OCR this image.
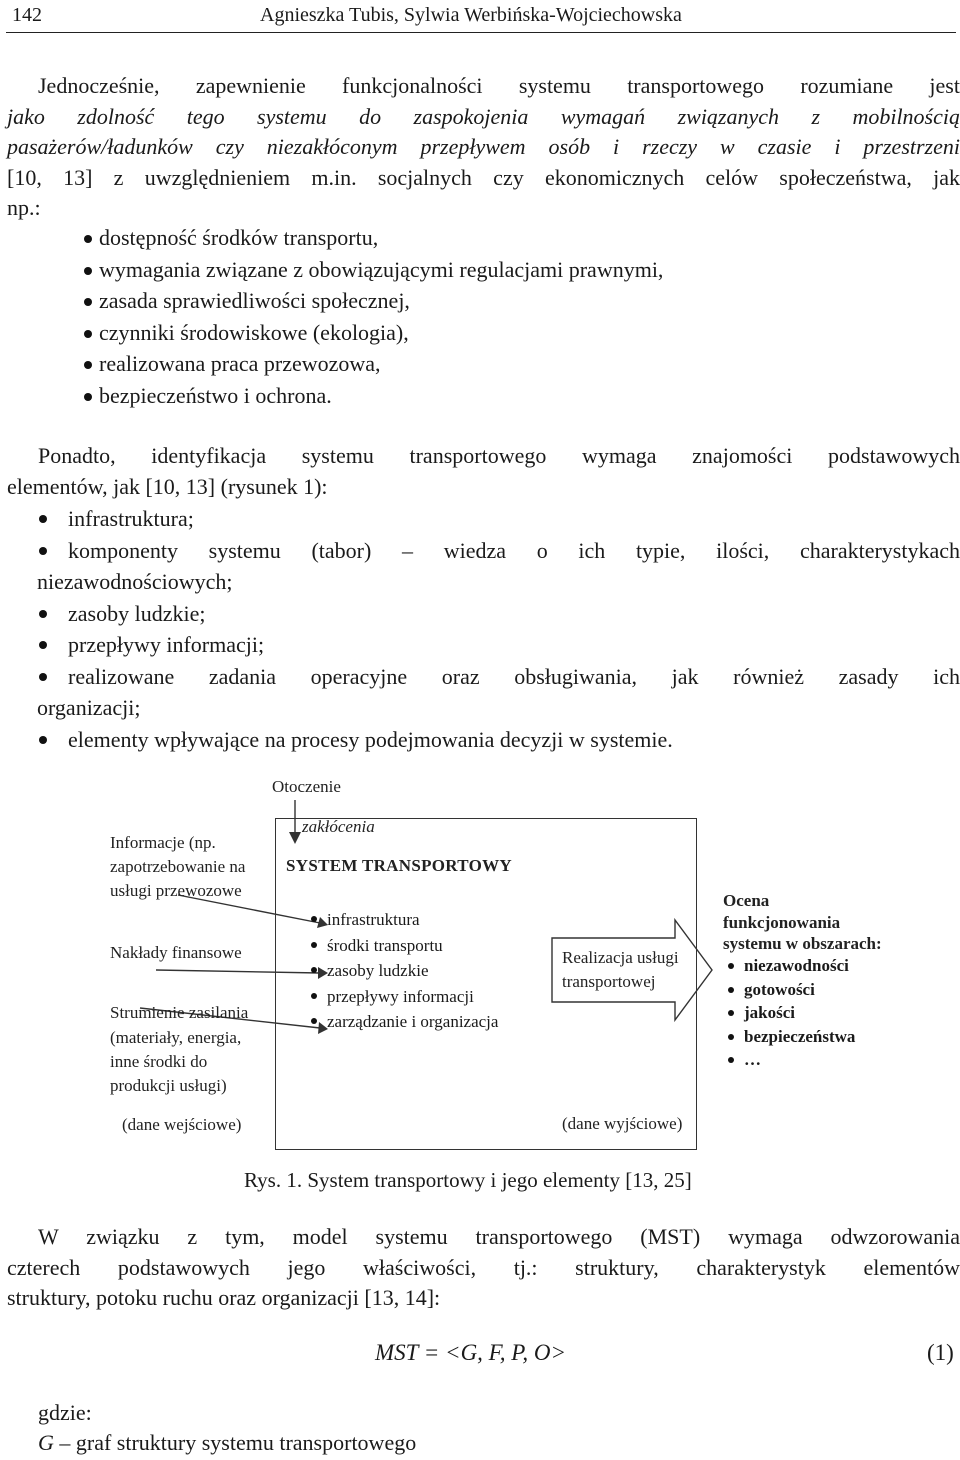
142	Agnieszka Tubis, Sylwia Werbińska-Wojciechowska
Jednocześnie, zapewnienie funkcjonalności systemu transportowego rozumiane jest
jako zdolność tego systemu do zaspokojenia wymagań związanych z mobilnością
pasażerów/ładunków czy niezakłóconym przepływem osób i rzeczy w czasie i przestrzeni
[10, 13] z uwzględnieniem m.in. socjalnych czy ekonomicznych celów społeczeństwa, jak
np.:
dostępność środków transportu,
wymagania związane z obowiązującymi regulacjami prawnymi,
zasada sprawiedliwości społecznej,
czynniki środowiskowe (ekologia),
realizowana praca przewozowa,
bezpieczeństwo i ochrona.
Ponadto, identyfikacja systemu transportowego wymaga znajomości podstawowych
elementów, jak [10, 13] (rysunek 1):
infrastruktura;
komponenty systemu (tabor) – wiedza o ich typie, ilości, charakterystykach
niezawodnościowych;
zasoby ludzkie;
przepływy informacji;
realizowane zadania operacyjne oraz obsługiwania, jak również zasady ich
organizacji;
elementy wpływające na procesy podejmowania decyzji w systemie.
Otoczenie
zakłócenia
Informacje (np.
zapotrzebowanie na
usługi przewozowe
Nakłady finansowe
Strumienie zasilania
(materiały, energia,
inne środki do
produkcji usługi)
(dane wejściowe)
SYSTEM TRANSPORTOWY
infrastruktura
środki transportu
zasoby ludzkie
przepływy informacji
zarządzanie i organizacja
Realizacja usługi
transportowej
Ocena
funkcjonowania
systemu w obszarach:
niezawodności
gotowości
jakości
bezpieczeństwa
…
(dane wyjściowe)
Rys. 1. System transportowy i jego elementy [13, 25]
W związku z tym, model systemu transportowego (MST) wymaga odwzorowania
czterech podstawowych jego właściwości, tj.: struktury, charakterystyk elementów
struktury, potoku ruchu oraz organizacji [13, 14]:
MST = <G, F, P, O>	(1)
gdzie:
G – graf struktury systemu transportowego
